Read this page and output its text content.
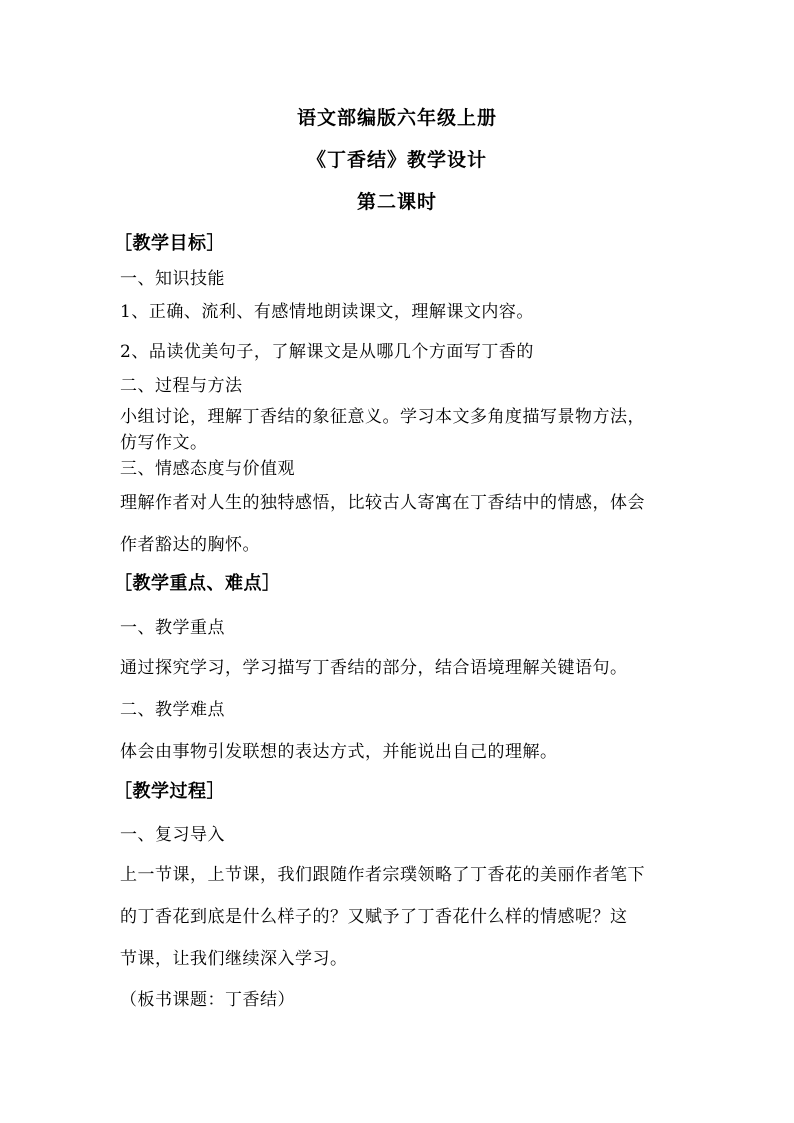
语文部编版六年级上册
《丁香结》教学设计
第二课时
［教学目标］
一、知识技能
1、正确、流利、有感情地朗读课文，理解课文内容。
2、品读优美句子，了解课文是从哪几个方面写丁香的
二、过程与方法
小组讨论，理解丁香结的象征意义。学习本文多角度描写景物方法，
仿写作文。
三、情感态度与价值观
理解作者对人生的独特感悟，比较古人寄寓在丁香结中的情感，体会
作者豁达的胸怀。
［教学重点、难点］
一、教学重点
通过探究学习，学习描写丁香结的部分，结合语境理解关键语句。
二、教学难点
体会由事物引发联想的表达方式，并能说出自己的理解。
［教学过程］
一、复习导入
上一节课，上节课，我们跟随作者宗璞领略了丁香花的美丽作者笔下
的丁香花到底是什么样子的？又赋予了丁香花什么样的情感呢？这
节课，让我们继续深入学习。
（板书课题：丁香结）
